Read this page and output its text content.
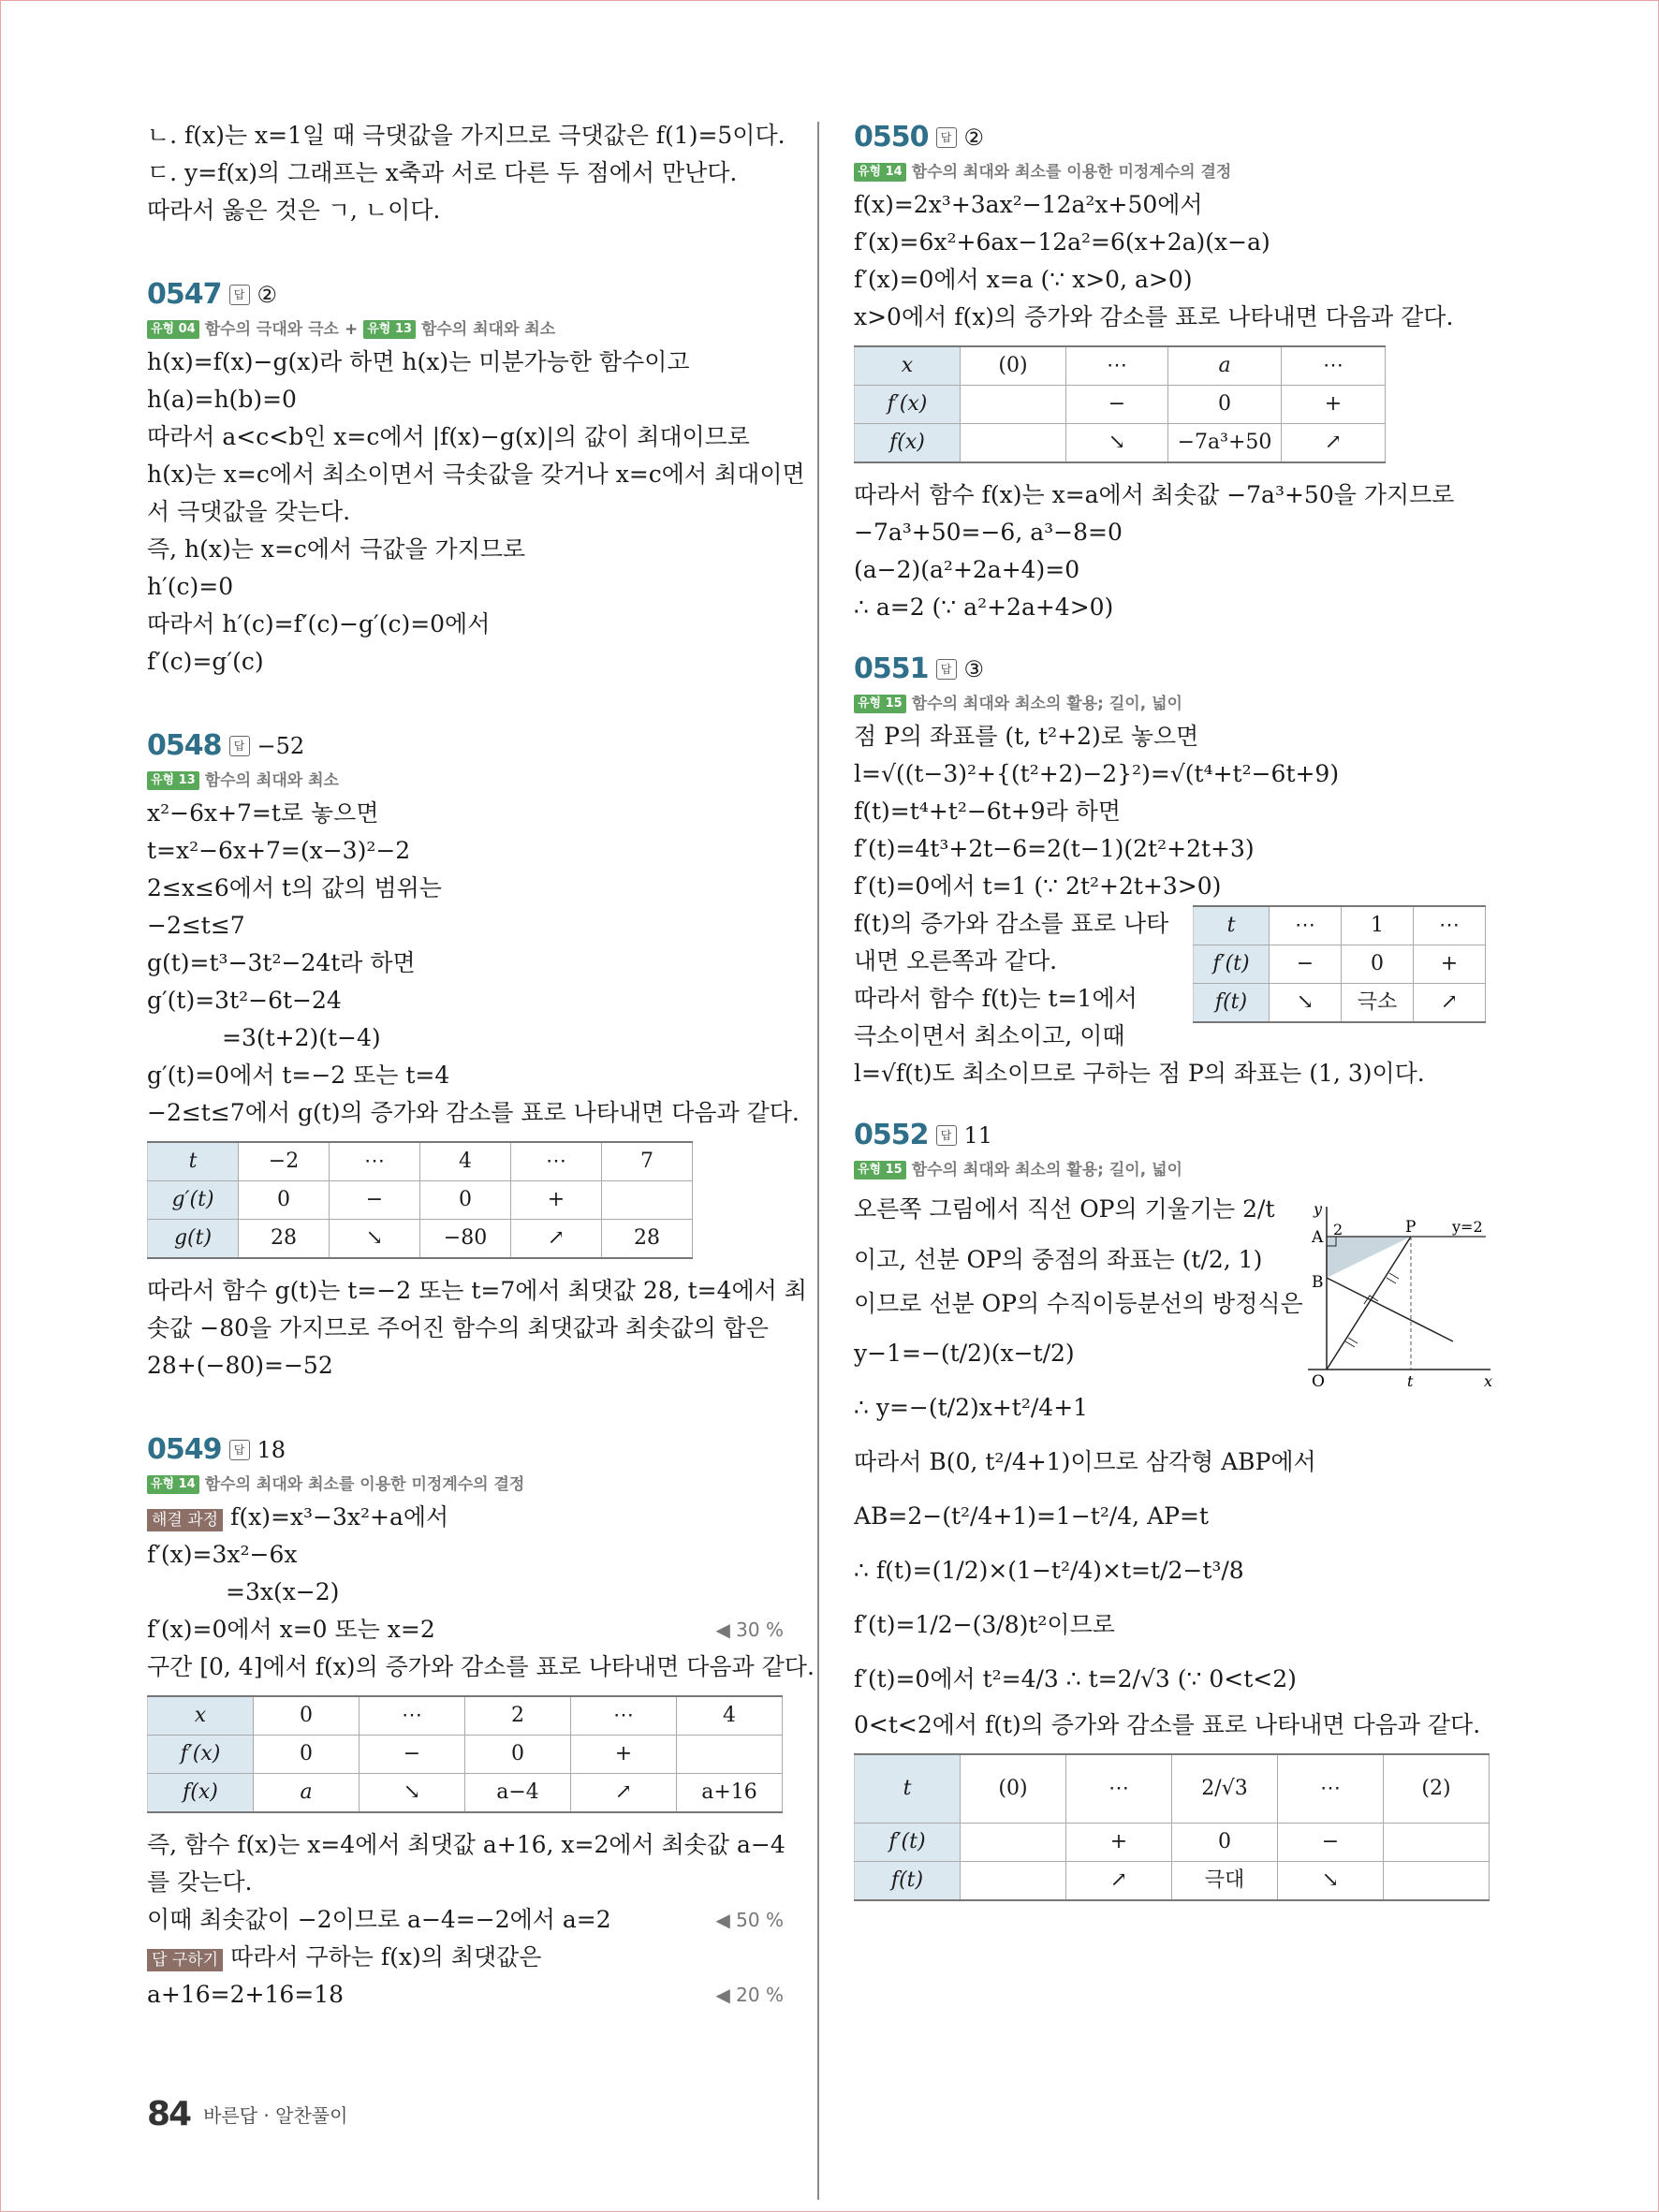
ㄴ. f(x)는 x=1일 때 극댓값을 가지므로 극댓값은 f(1)=5이다.
ㄷ. y=f(x)의 그래프는 x축과 서로 다른 두 점에서 만난다.
따라서 옳은 것은 ㄱ, ㄴ이다.
0547	답 ②
유형 04 함수의 극대와 극소 + 유형 13 함수의 최대와 최소
h(x)=f(x)−g(x)라 하면 h(x)는 미분가능한 함수이고
h(a)=h(b)=0
따라서 a<c<b인 x=c에서 |f(x)−g(x)|의 값이 최대이므로
h(x)는 x=c에서 최소이면서 극솟값을 갖거나 x=c에서 최대이면
서 극댓값을 갖는다.
즉, h(x)는 x=c에서 극값을 가지므로
h′(c)=0
따라서 h′(c)=f′(c)−g′(c)=0에서
f′(c)=g′(c)
0548	답 −52
유형 13 함수의 최대와 최소
x²−6x+7=t로 놓으면
t=x²−6x+7=(x−3)²−2
2≤x≤6에서 t의 값의 범위는
−2≤t≤7
g(t)=t³−3t²−24t라 하면
g′(t)=3t²−6t−24
=3(t+2)(t−4)
g′(t)=0에서 t=−2 또는 t=4
−2≤t≤7에서 g(t)의 증가와 감소를 표로 나타내면 다음과 같다.
t	−2	⋯	4	⋯	7
g′(t)	0	−	0	+	
g(t)	28	↘	−80	↗	28
따라서 함수 g(t)는 t=−2 또는 t=7에서 최댓값 28, t=4에서 최
솟값 −80을 가지므로 주어진 함수의 최댓값과 최솟값의 합은
28+(−80)=−52
0549	답 18
유형 14 함수의 최대와 최소를 이용한 미정계수의 결정
해결 과정 f(x)=x³−3x²+a에서
f′(x)=3x²−6x
=3x(x−2)
f′(x)=0에서 x=0 또는 x=2	◀ 30 %
구간 [0, 4]에서 f(x)의 증가와 감소를 표로 나타내면 다음과 같다.
x	0	⋯	2	⋯	4
f′(x)	0	−	0	+	
f(x)	a	↘	a−4	↗	a+16
즉, 함수 f(x)는 x=4에서 최댓값 a+16, x=2에서 최솟값 a−4
를 갖는다.
이때 최솟값이 −2이므로 a−4=−2에서 a=2	◀ 50 %
답 구하기 따라서 구하는 f(x)의 최댓값은
a+16=2+16=18	◀ 20 %
0550	답 ②
유형 14 함수의 최대와 최소를 이용한 미정계수의 결정
f(x)=2x³+3ax²−12a²x+50에서
f′(x)=6x²+6ax−12a²=6(x+2a)(x−a)
f′(x)=0에서 x=a (∵ x>0, a>0)
x>0에서 f(x)의 증가와 감소를 표로 나타내면 다음과 같다.
x	(0)	⋯	a	⋯
f′(x)		−	0	+
f(x)		↘	−7a³+50	↗
따라서 함수 f(x)는 x=a에서 최솟값 −7a³+50을 가지므로
−7a³+50=−6, a³−8=0
(a−2)(a²+2a+4)=0
∴ a=2 (∵ a²+2a+4>0)
0551	답 ③
유형 15 함수의 최대와 최소의 활용; 길이, 넓이
점 P의 좌표를 (t, t²+2)로 놓으면
l=√((t−3)²+{(t²+2)−2}²)=√(t⁴+t²−6t+9)
f(t)=t⁴+t²−6t+9라 하면
f′(t)=4t³+2t−6=2(t−1)(2t²+2t+3)
f′(t)=0에서 t=1 (∵ 2t²+2t+3>0)
f(t)의 증가와 감소를 표로 나타
내면 오른쪽과 같다.
따라서 함수 f(t)는 t=1에서
극소이면서 최소이고, 이때
t	⋯	1	⋯
f′(t)	−	0	+
f(t)	↘	극소	↗
l=√f(t)도 최소이므로 구하는 점 P의 좌표는 (1, 3)이다.
0552	답 11
유형 15 함수의 최대와 최소의 활용; 길이, 넓이
y
x
A 2	P y=2
B
O	t
오른쪽 그림에서 직선 OP의 기울기는 2/t
이고, 선분 OP의 중점의 좌표는 (t/2, 1)
이므로 선분 OP의 수직이등분선의 방정식은
y−1=−(t/2)(x−t/2)
∴ y=−(t/2)x+t²/4+1
따라서 B(0, t²/4+1)이므로 삼각형 ABP에서
AB=2−(t²/4+1)=1−t²/4, AP=t
∴ f(t)=(1/2)×(1−t²/4)×t=t/2−t³/8
f′(t)=1/2−(3/8)t²이므로
f′(t)=0에서 t²=4/3 ∴ t=2/√3 (∵ 0<t<2)
0<t<2에서 f(t)의 증가와 감소를 표로 나타내면 다음과 같다.
t	(0)	⋯	2/√3	⋯	(2)
f′(t)		+	0	−	
f(t)		↗	극대	↘	
84 바른답 · 알찬풀이
